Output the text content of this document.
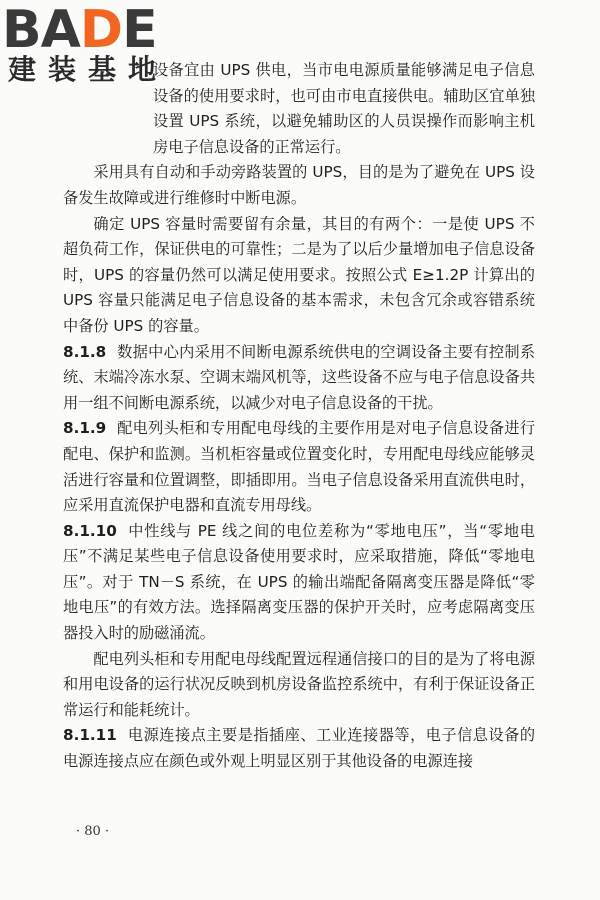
BADE
建装基地

设备宜由 UPS 供电，当市电电源质量能够满足电子信息设备的使用要求时，也可由市电直接供电。辅助区宜单独设置 UPS 系统，以避免辅助区的人员误操作而影响主机房电子信息设备的正常运行。

采用具有自动和手动旁路装置的 UPS，目的是为了避免在 UPS 设备发生故障或进行维修时中断电源。

确定 UPS 容量时需要留有余量，其目的有两个：一是使 UPS 不超负荷工作，保证供电的可靠性；二是为了以后少量增加电子信息设备时，UPS 的容量仍然可以满足使用要求。按照公式 E≥1.2P 计算出的 UPS 容量只能满足电子信息设备的基本需求，未包含冗余或容错系统中备份 UPS 的容量。

8.1.8 数据中心内采用不间断电源系统供电的空调设备主要有控制系统、末端冷冻水泵、空调末端风机等，这些设备不应与电子信息设备共用一组不间断电源系统，以减少对电子信息设备的干扰。

8.1.9 配电列头柜和专用配电母线的主要作用是对电子信息设备进行配电、保护和监测。当机柜容量或位置变化时，专用配电母线应能够灵活进行容量和位置调整，即插即用。当电子信息设备采用直流供电时，应采用直流保护电器和直流专用母线。

8.1.10 中性线与 PE 线之间的电位差称为“零地电压”，当“零地电压”不满足某些电子信息设备使用要求时，应采取措施，降低“零地电压”。对于 TN－S 系统，在 UPS 的输出端配备隔离变压器是降低“零地电压”的有效方法。选择隔离变压器的保护开关时，应考虑隔离变压器投入时的励磁涌流。

配电列头柜和专用配电母线配置远程通信接口的目的是为了将电源和用电设备的运行状况反映到机房设备监控系统中，有利于保证设备正常运行和能耗统计。

8.1.11 电源连接点主要是指插座、工业连接器等，电子信息设备的电源连接点应在颜色或外观上明显区别于其他设备的电源连接

· 80 ·
